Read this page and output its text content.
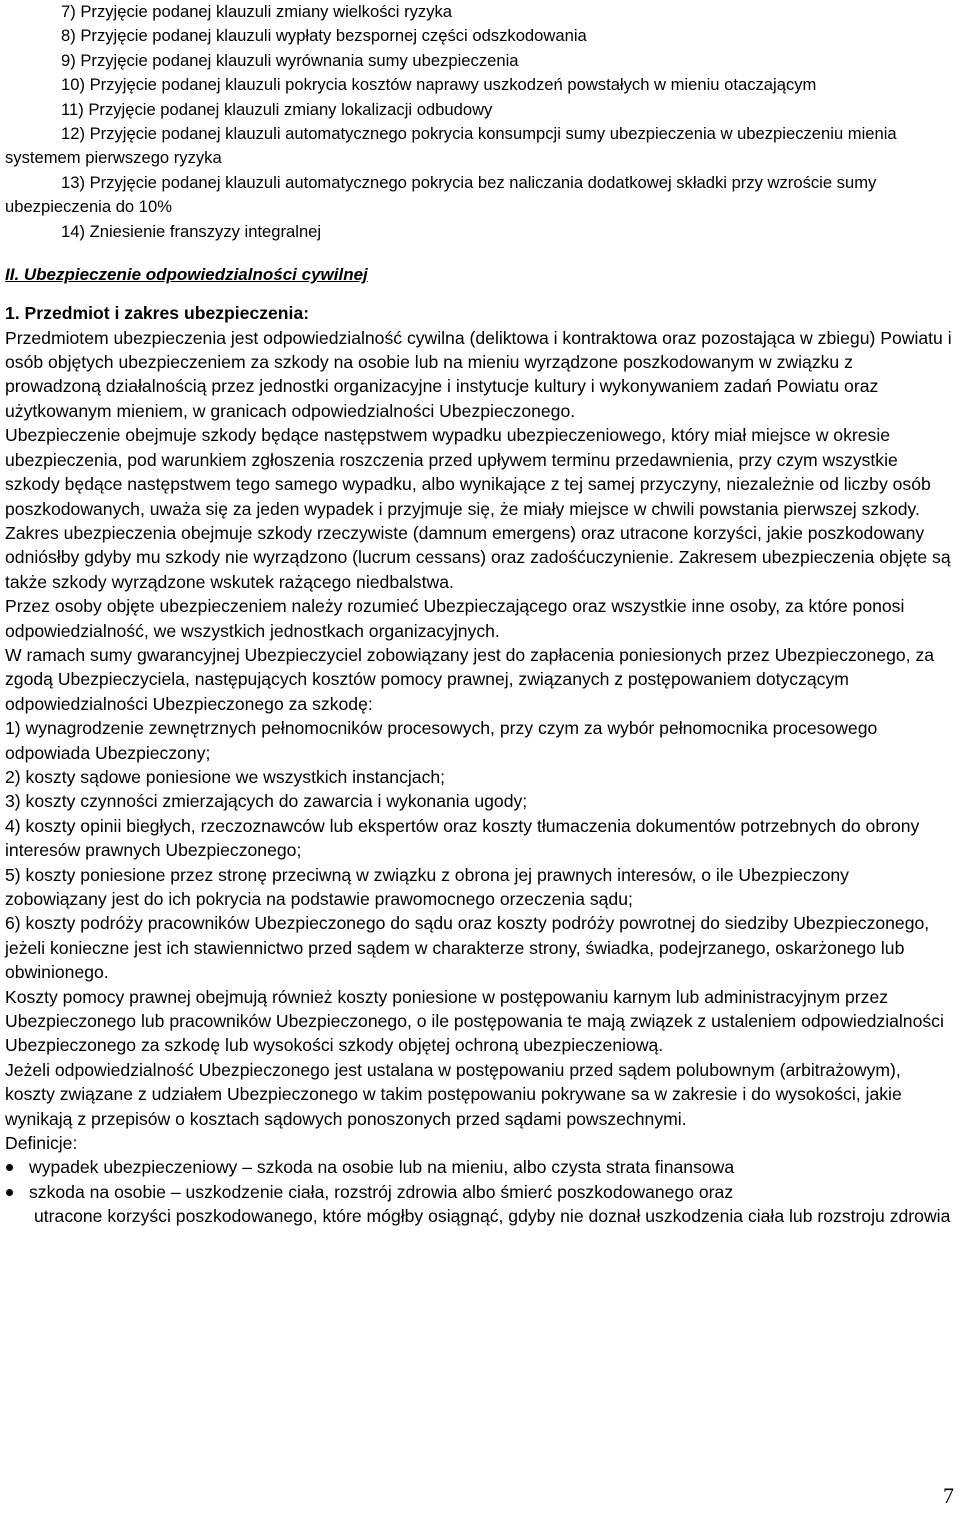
7) Przyjęcie podanej klauzuli zmiany wielkości ryzyka
8) Przyjęcie podanej klauzuli wypłaty bezspornej części odszkodowania
9) Przyjęcie podanej klauzuli wyrównania sumy ubezpieczenia
10) Przyjęcie podanej klauzuli pokrycia kosztów naprawy uszkodzeń powstałych w mieniu otaczającym
11) Przyjęcie podanej klauzuli zmiany lokalizacji odbudowy
12) Przyjęcie podanej klauzuli automatycznego pokrycia konsumpcji sumy ubezpieczenia w ubezpieczeniu mienia systemem pierwszego ryzyka
13) Przyjęcie podanej klauzuli automatycznego pokrycia bez naliczania dodatkowej składki przy wzroście sumy ubezpieczenia do 10%
14) Zniesienie franszyzy integralnej
II. Ubezpieczenie odpowiedzialności cywilnej
1. Przedmiot i zakres ubezpieczenia:

Przedmiotem ubezpieczenia jest odpowiedzialność cywilna (deliktowa i kontraktowa oraz pozostająca w zbiegu) Powiatu i osób objętych ubezpieczeniem za szkody na osobie lub na mieniu wyrządzone poszkodowanym w związku z prowadzoną działalnością przez jednostki organizacyjne i instytucje kultury i wykonywaniem zadań Powiatu oraz użytkowanym mieniem, w granicach odpowiedzialności Ubezpieczonego.

Ubezpieczenie obejmuje szkody będące następstwem wypadku ubezpieczeniowego, który miał miejsce w okresie ubezpieczenia, pod warunkiem zgłoszenia roszczenia przed upływem terminu przedawnienia, przy czym wszystkie szkody będące następstwem tego samego wypadku, albo wynikające z tej samej przyczyny, niezależnie od liczby osób poszkodowanych, uważa się za jeden wypadek i przyjmuje się, że miały miejsce w chwili powstania pierwszej szkody.

Zakres ubezpieczenia obejmuje szkody rzeczywiste (damnum emergens) oraz utracone korzyści, jakie poszkodowany odniósłby gdyby mu szkody nie wyrządzono (lucrum cessans) oraz zadośćuczynienie. Zakresem ubezpieczenia objęte są także szkody wyrządzone wskutek rażącego niedbalstwa.

Przez osoby objęte ubezpieczeniem należy rozumieć Ubezpieczającego oraz wszystkie inne osoby, za które ponosi odpowiedzialność, we wszystkich jednostkach organizacyjnych.

W ramach sumy gwarancyjnej Ubezpieczyciel zobowiązany jest do zapłacenia poniesionych przez Ubezpieczonego, za zgodą Ubezpieczyciela, następujących kosztów pomocy prawnej, związanych z postępowaniem dotyczącym odpowiedzialności Ubezpieczonego za szkodę:

1) wynagrodzenie zewnętrznych pełnomocników procesowych, przy czym za wybór pełnomocnika procesowego odpowiada Ubezpieczony;

2) koszty sądowe poniesione we wszystkich instancjach;

3) koszty czynności zmierzających do zawarcia i wykonania ugody;

4) koszty opinii biegłych, rzeczoznawców lub ekspertów oraz koszty tłumaczenia dokumentów potrzebnych do obrony interesów prawnych Ubezpieczonego;

5) koszty poniesione przez stronę przeciwną w związku z obrona jej prawnych interesów, o ile Ubezpieczony zobowiązany jest do ich pokrycia na podstawie prawomocnego orzeczenia sądu;

6) koszty podróży pracowników Ubezpieczonego do sądu oraz koszty podróży powrotnej do siedziby Ubezpieczonego, jeżeli konieczne jest ich stawiennictwo przed sądem w charakterze strony, świadka, podejrzanego, oskarżonego lub obwinionego.

Koszty pomocy prawnej obejmują również koszty poniesione w postępowaniu karnym lub administracyjnym przez Ubezpieczonego lub pracowników Ubezpieczonego, o ile postępowania te mają związek z ustaleniem odpowiedzialności Ubezpieczonego za szkodę lub wysokości szkody objętej ochroną ubezpieczeniową.

Jeżeli odpowiedzialność Ubezpieczonego jest ustalana w postępowaniu przed sądem polubownym (arbitrażowym), koszty związane z udziałem Ubezpieczonego w takim postępowaniu pokrywane sa w zakresie i do wysokości, jakie wynikają z przepisów o kosztach sądowych ponoszonych przed sądami powszechnymi.

Definicje:

wypadek ubezpieczeniowy – szkoda na osobie lub na mieniu, albo czysta strata finansowa
szkoda na osobie – uszkodzenie ciała, rozstrój zdrowia albo śmierć poszkodowanego oraz
utracone korzyści poszkodowanego, które mógłby osiągnąć, gdyby nie doznał uszkodzenia ciała lub rozstroju zdrowia
7
